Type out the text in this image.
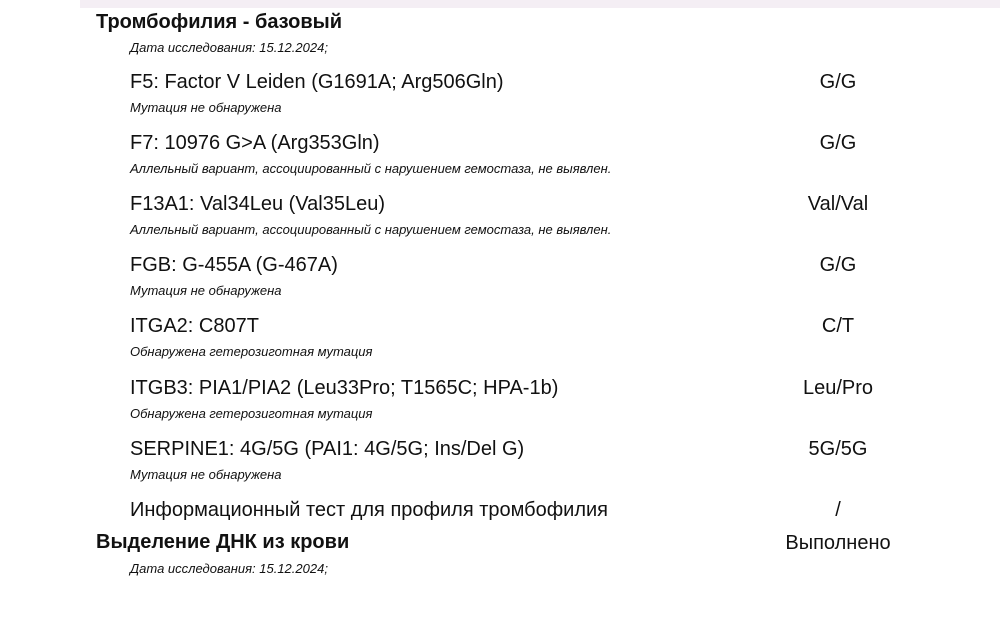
Тромбофилия - базовый
Дата исследования: 15.12.2024;
F5: Factor V Leiden (G1691A; Arg506Gln)	G/G
Мутация не обнаружена
F7: 10976 G>A (Arg353Gln)	G/G
Аллельный вариант, ассоциированный с нарушением гемостаза, не выявлен.
F13A1: Val34Leu (Val35Leu)	Val/Val
Аллельный вариант, ассоциированный с нарушением гемостаза, не выявлен.
FGB: G-455A (G-467A)	G/G
Мутация не обнаружена
ITGA2: C807T	C/T
Обнаружена гетерозиготная мутация
ITGB3: PIA1/PIA2 (Leu33Pro; T1565C; HPA-1b)	Leu/Pro
Обнаружена гетерозиготная мутация
SERPINE1: 4G/5G (PAI1: 4G/5G; Ins/Del G)	5G/5G
Мутация не обнаружена
Информационный тест для профиля тромбофилия	/
Выделение ДНК из крови	Выполнено
Дата исследования: 15.12.2024;
